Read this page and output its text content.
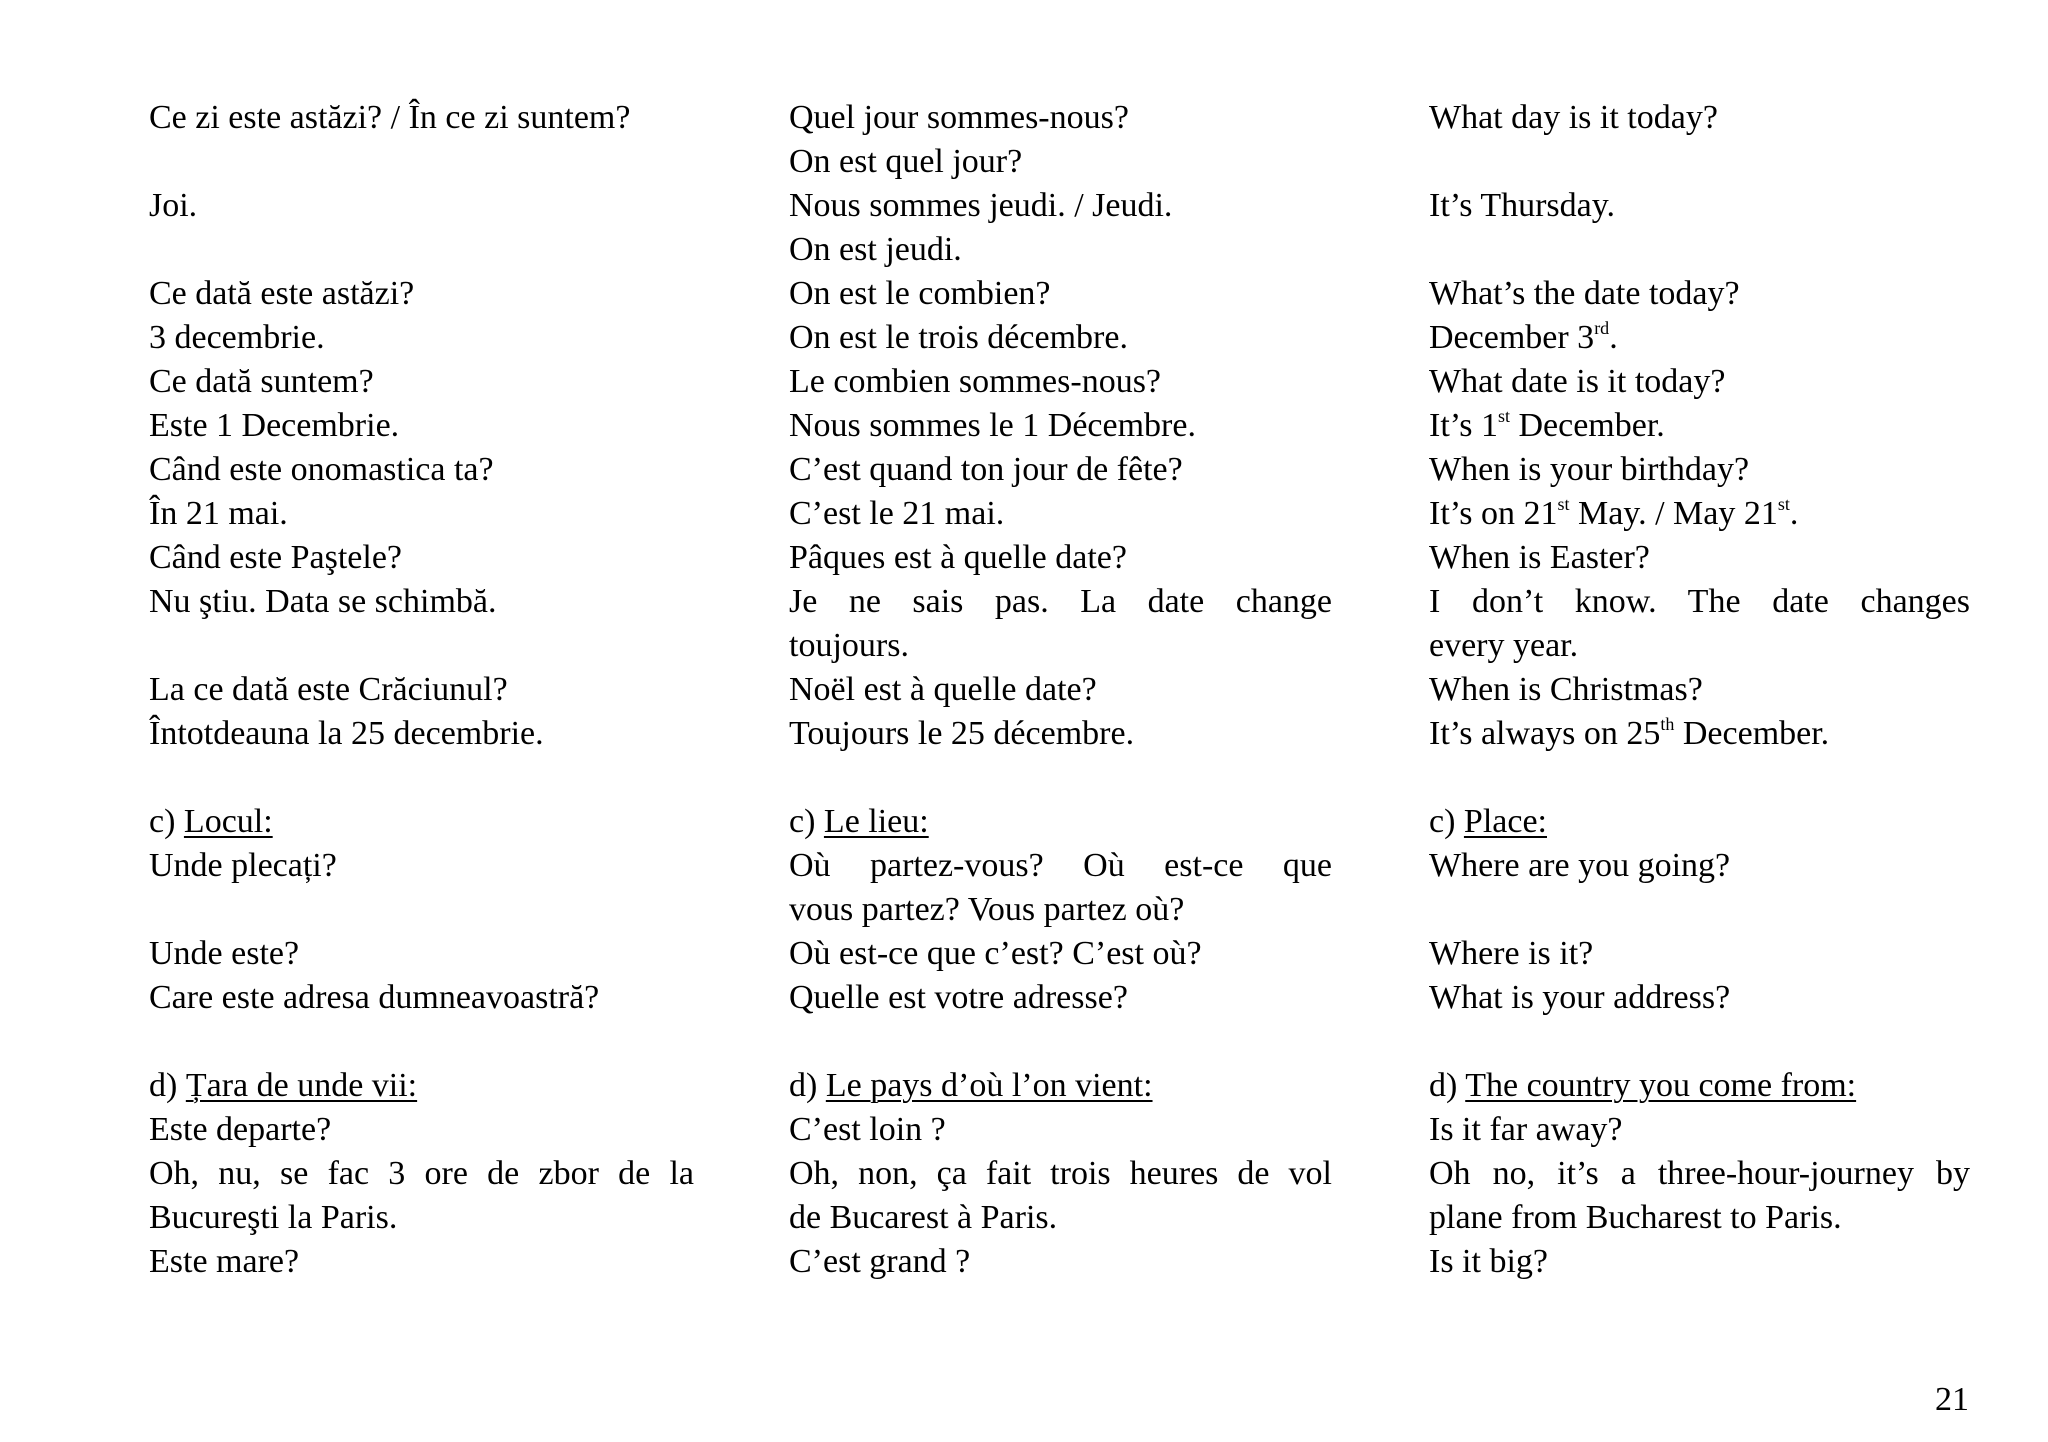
Ce zi este astăzi? / În ce zi suntem?
Joi.
Ce dată este astăzi?
3 decembrie.
Ce dată suntem?
Este 1 Decembrie.
Când este onomastica ta?
În 21 mai.
Când este Paştele?
Nu ştiu. Data se schimbă.
La ce dată este Crăciunul?
Întotdeauna la 25 decembrie.
c) Locul:
Unde plecați?
Unde este?
Care este adresa dumneavoastră?
d) Țara de unde vii:
Este departe?
Oh, nu, se fac 3 ore de zbor de la
Bucureşti la Paris.
Este mare?
Quel jour sommes-nous?
On est quel jour?
Nous sommes jeudi. / Jeudi.
On est jeudi.
On est le combien?
On est le trois décembre.
Le combien sommes-nous?
Nous sommes le 1 Décembre.
C’est quand ton jour de fête?
C’est le 21 mai.
Pâques est à quelle date?
Je ne sais pas. La date change
toujours.
Noël est à quelle date?
Toujours le 25 décembre.
c) Le lieu:
Où partez-vous? Où est-ce que
vous partez? Vous partez où?
Où est-ce que c’est? C’est où?
Quelle est votre adresse?
d) Le pays d’où l’on vient:
C’est loin ?
Oh, non, ça fait trois heures de vol
de Bucarest à Paris.
C’est grand ?
What day is it today?
It’s Thursday.
What’s the date today?
December 3rd.
What date is it today?
It’s 1st December.
When is your birthday?
It’s on 21st May. / May 21st.
When is Easter?
I don’t know. The date changes
every year.
When is Christmas?
It’s always on 25th December.
c) Place:
Where are you going?
Where is it?
What is your address?
d) The country you come from:
Is it far away?
Oh no, it’s a three-hour-journey by
plane from Bucharest to Paris.
Is it big?
21
